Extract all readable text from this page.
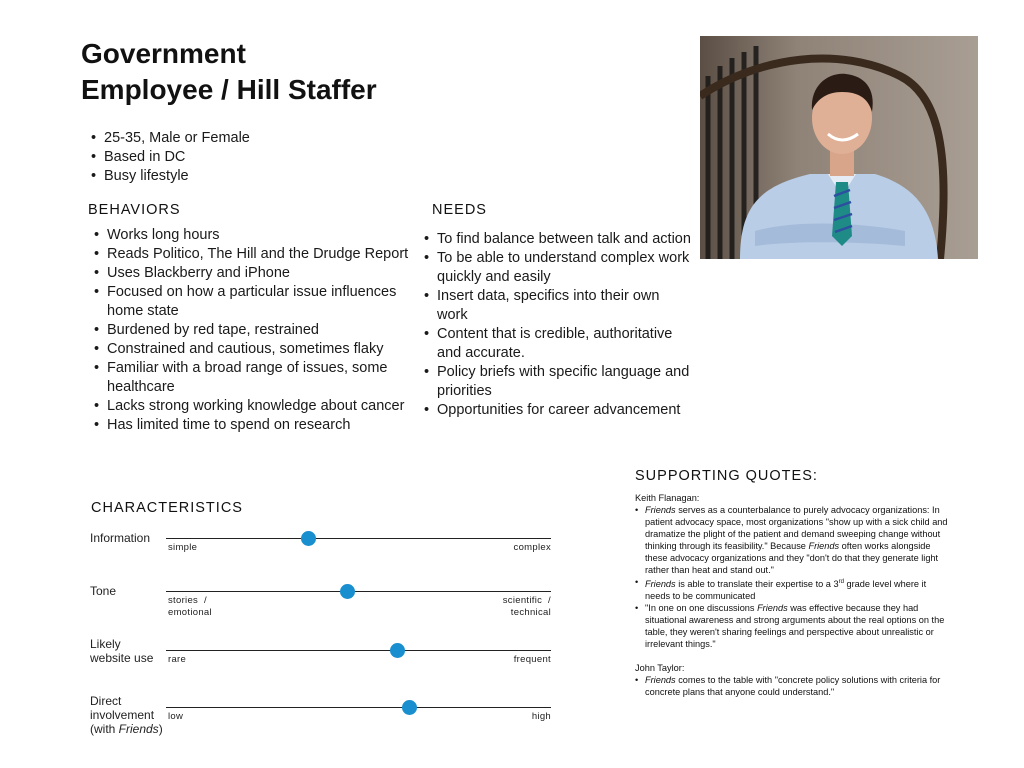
Government
Employee / Hill Staffer
• 25-35, Male or Female
• Based in DC
• Busy lifestyle
BEHAVIORS
• Works long hours
• Reads Politico, The Hill and the Drudge Report
• Uses Blackberry and iPhone
• Focused on how a particular issue influences home state
• Burdened by red tape, restrained
• Constrained and cautious, sometimes flaky
• Familiar with a broad range of issues, some healthcare
• Lacks strong working knowledge about cancer
• Has limited time to spend on research
NEEDS
• To find balance between talk and action
• To be able to understand complex work quickly and easily
• Insert data, specifics into their own work
• Content that is credible, authoritative and accurate.
• Policy briefs with specific language and priorities
• Opportunities for career advancement
CHARACTERISTICS
Information
simple	complex
Tone
stories  /
emotional
scientific  /
technical
Likely
website use rare	frequent
Direct
involvement
(with Friends)
low	high
SUPPORTING QUOTES:

Keith Flanagan:

• Friends serves as a counterbalance to purely advocacy organizations: In patient advocacy space, most organizations "show up with a sick child and dramatize the plight of the patient and demand sweeping change without thinking through its feasibility." Because Friends often works alongside these advocacy organizations and they "don't do that they generate light rather than heat and stand out."
• Friends is able to translate their expertise to a 3rd grade level where it needs to be communicated
• "In one on one discussions Friends was effective because they had situational awareness and strong arguments about the real options on the table, they weren't sharing feelings and perspective about unrealistic or irrelevant things."

John Taylor:

• Friends comes to the table with "concrete policy solutions with criteria for concrete plans that anyone could understand."
